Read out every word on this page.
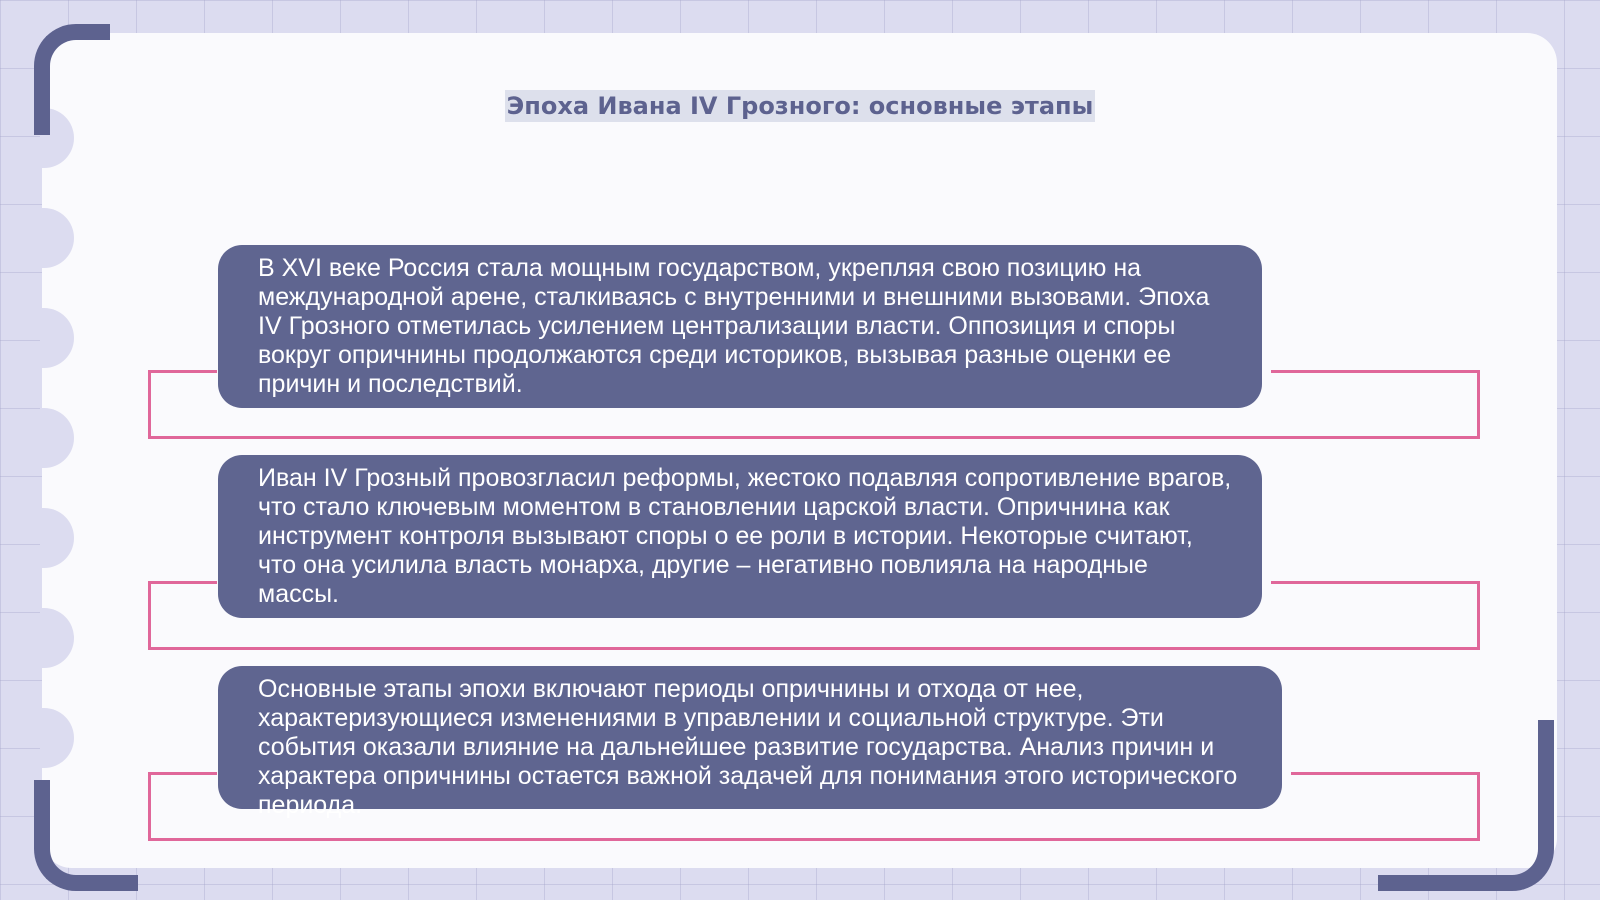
Эпоха Ивана IV Грозного: основные этапы
В XVI веке Россия стала мощным государством, укрепляя свою позицию на международной арене, сталкиваясь с внутренними и внешними вызовами. Эпоха IV Грозного отметилась усилением централизации власти. Оппозиция и споры вокруг опричнины продолжаются среди историков, вызывая разные оценки ее причин и последствий.
Иван IV Грозный провозгласил реформы, жестоко подавляя сопротивление врагов, что стало ключевым моментом в становлении царской власти. Опричнина как инструмент контроля вызывают споры о ее роли в истории. Некоторые считают, что она усилила власть монарха, другие – негативно повлияла на народные массы.
Основные этапы эпохи включают периоды опричнины и отхода от нее, характеризующиеся изменениями в управлении и социальной структуре. Эти события оказали влияние на дальнейшее развитие государства. Анализ причин и характера опричнины остается важной задачей для понимания этого исторического периода.
